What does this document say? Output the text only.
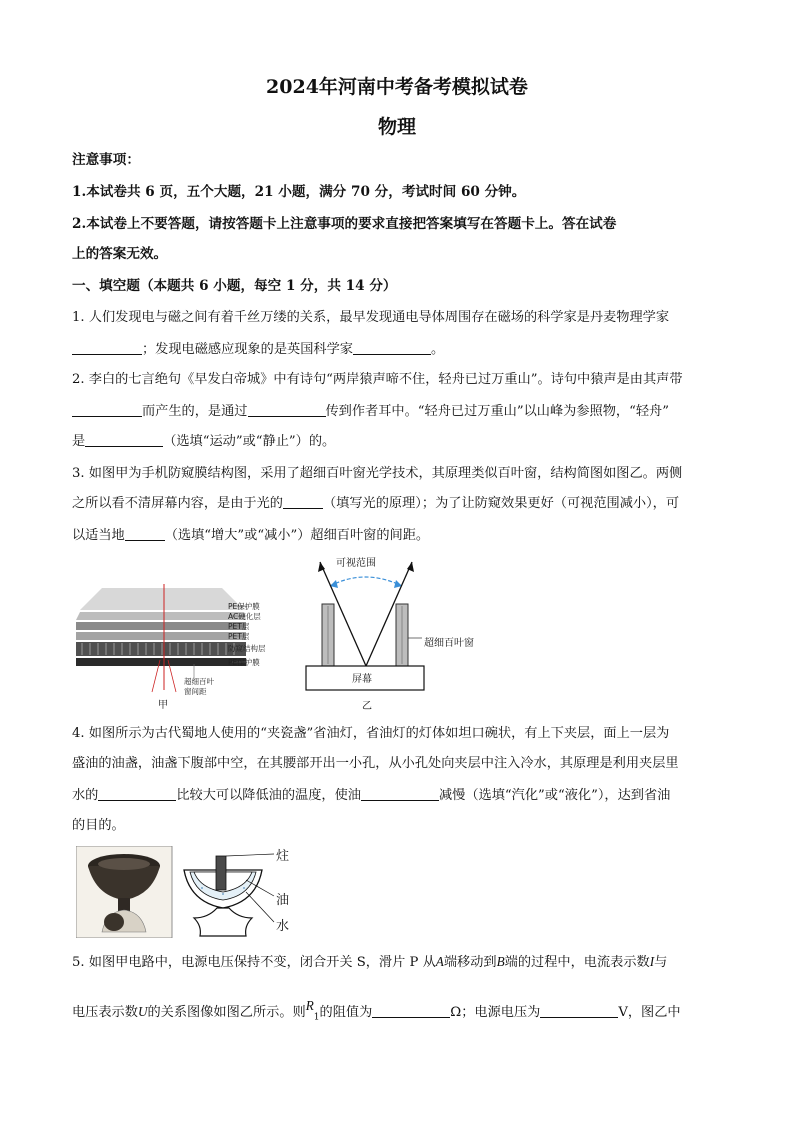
2024年河南中考备考模拟试卷
物理
注意事项：
1.本试卷共 6 页，五个大题，21 小题，满分 70 分，考试时间 60 分钟。
2.本试卷上不要答题，请按答题卡上注意事项的要求直接把答案填写在答题卡上。答在试卷
上的答案无效。
一、填空题（本题共 6 小题，每空 1 分，共 14 分）
1. 人们发现电与磁之间有着千丝万缕的关系，最早发现通电导体周围存在磁场的科学家是丹麦物理学家
；发现电磁感应现象的是英国科学家	。
2. 李白的七言绝句《早发白帝城》中有诗句“两岸猿声啼不住，轻舟已过万重山”。诗句中猿声是由其声带
而产生的，是通过	传到作者耳中。“轻舟已过万重山”以山峰为参照物，“轻舟”
是	（选填“运动”或“静止”）的。
3. 如图甲为手机防窥膜结构图，采用了超细百叶窗光学技术，其原理类似百叶窗，结构简图如图乙。两侧
之所以看不清屏幕内容，是由于光的	（填写光的原理）；为了让防窥效果更好（可视范围减小），可
以适当地	（选填“增大”或“减小”）超细百叶窗的间距。
PE保护膜
AC硬化层
PET层
PET层
防窥结构层
PE保护膜
超细百叶
窗间距
甲
可视范围
超细百叶窗
屏幕
乙
4. 如图所示为古代蜀地人使用的“夹瓷盏”省油灯，省油灯的灯体如坦口碗状，有上下夹层，面上一层为
盛油的油盏，油盏下腹部中空，在其腰部开出一小孔，从小孔处向夹层中注入冷水，其原理是利用夹层里
水的	比较大可以降低油的温度，使油	减慢（选填“汽化”或“液化”），达到省油
的目的。
炷
油
水
5. 如图甲电路中，电源电压保持不变，闭合开关 S，滑片 P 从A端移动到B端的过程中，电流表示数I与
电压表示数U的关系图像如图乙所示。则$R_1$的阻值为	Ω；电源电压为	V，图乙中
